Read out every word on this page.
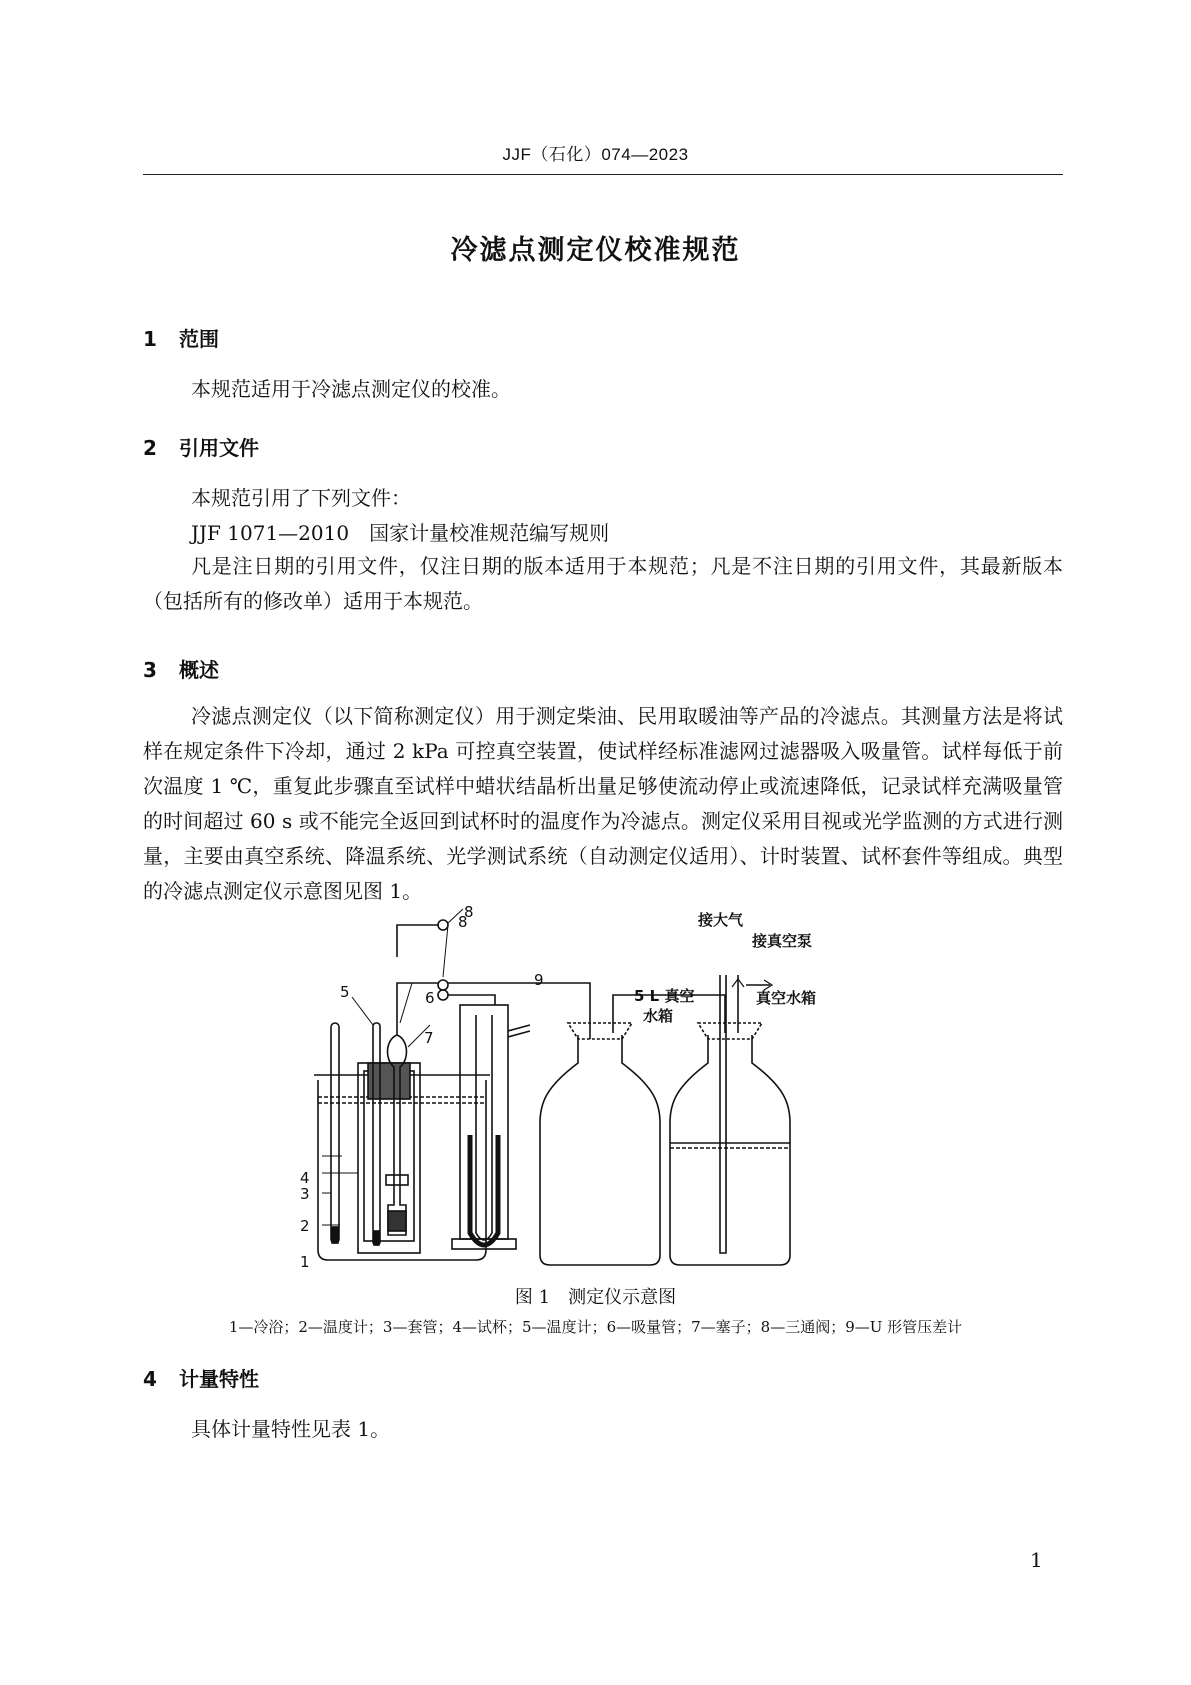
JJF（石化）074—2023
冷滤点测定仪校准规范
1 范围
本规范适用于冷滤点测定仪的校准。
2 引用文件
本规范引用了下列文件：
JJF 1071—2010　国家计量校准规范编写规则

凡是注日期的引用文件，仅注日期的版本适用于本规范；凡是不注日期的引用文件，其最新版本（包括所有的修改单）适用于本规范。

3 概述

冷滤点测定仪（以下简称测定仪）用于测定柴油、民用取暖油等产品的冷滤点。其测量方法是将试样在规定条件下冷却，通过 2 kPa 可控真空装置，使试样经标准滤网过滤器吸入吸量管。试样每低于前次温度 1 ℃，重复此步骤直至试样中蜡状结晶析出量足够使流动停止或流速降低，记录试样充满吸量管的时间超过 60 s 或不能完全返回到试杯时的温度作为冷滤点。测定仪采用目视或光学监测的方式进行测量，主要由真空系统、降温系统、光学测试系统（自动测定仪适用）、计时装置、试杯套件等组成。典型的冷滤点测定仪示意图见图 1。

1
2
3
4
5	6
7
8
9
5 L 真空
水箱
真空水箱
8	接大气
接真空泵
图 1　测定仪示意图
1—冷浴；2—温度计；3—套管；4—试杯；5—温度计；6—吸量管；7—塞子；8—三通阀；9—U 形管压差计
4 计量特性
具体计量特性见表 1。
1
